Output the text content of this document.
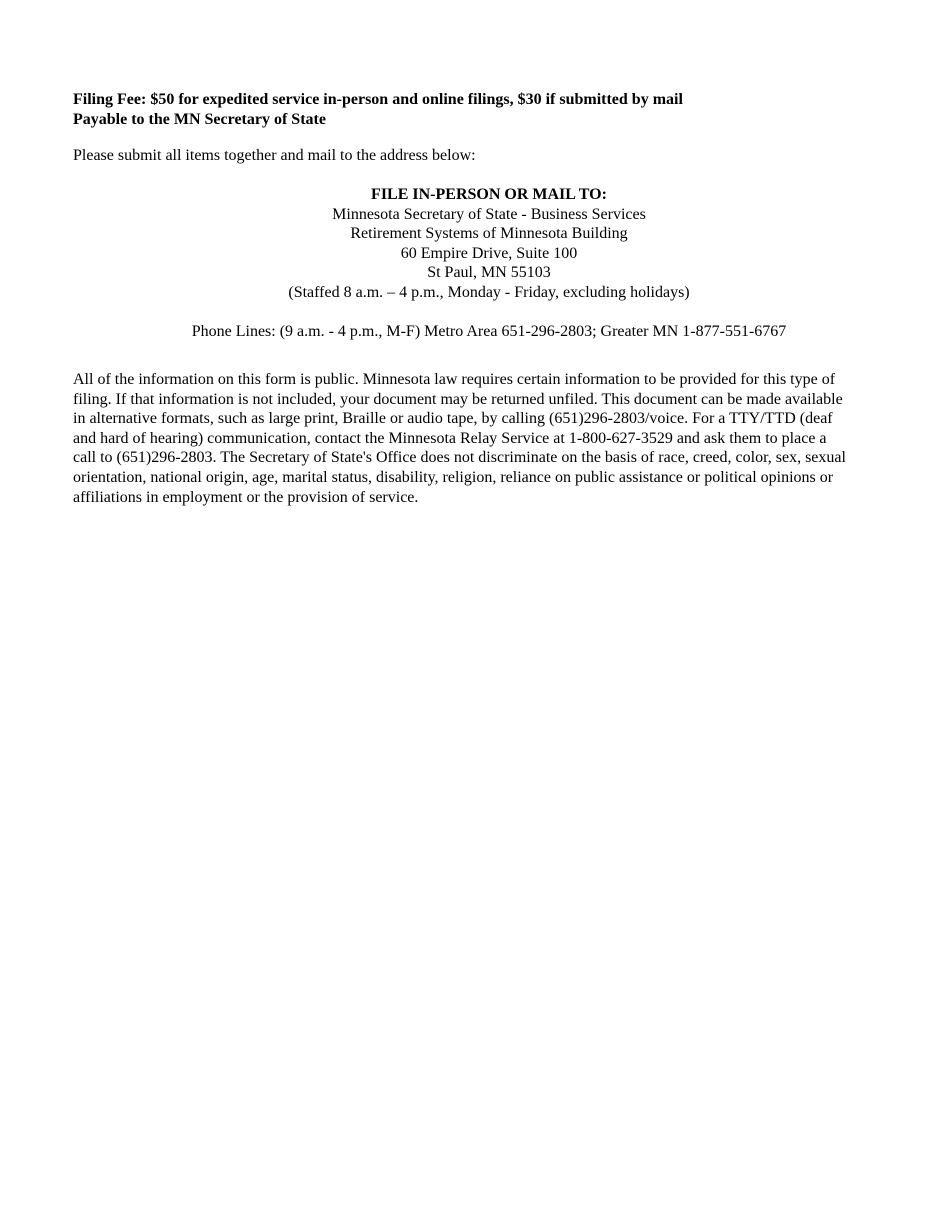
Filing Fee: $50 for expedited service in-person and online filings, $30 if submitted by mail
Payable to the MN Secretary of State
Please submit all items together and mail to the address below:
FILE IN-PERSON OR MAIL TO:
Minnesota Secretary of State - Business Services
Retirement Systems of Minnesota Building
60 Empire Drive, Suite 100
St Paul, MN 55103
(Staffed 8 a.m. – 4 p.m., Monday - Friday, excluding holidays)
Phone Lines: (9 a.m. - 4 p.m., M-F) Metro Area 651-296-2803; Greater MN 1-877-551-6767
All of the information on this form is public. Minnesota law requires certain information to be provided for this type of
filing. If that information is not included, your document may be returned unfiled. This document can be made available
in alternative formats, such as large print, Braille or audio tape, by calling (651)296-2803/voice. For a TTY/TTD (deaf
and hard of hearing) communication, contact the Minnesota Relay Service at 1-800-627-3529 and ask them to place a
call to (651)296-2803. The Secretary of State's Office does not discriminate on the basis of race, creed, color, sex, sexual
orientation, national origin, age, marital status, disability, religion, reliance on public assistance or political opinions or
affiliations in employment or the provision of service.
